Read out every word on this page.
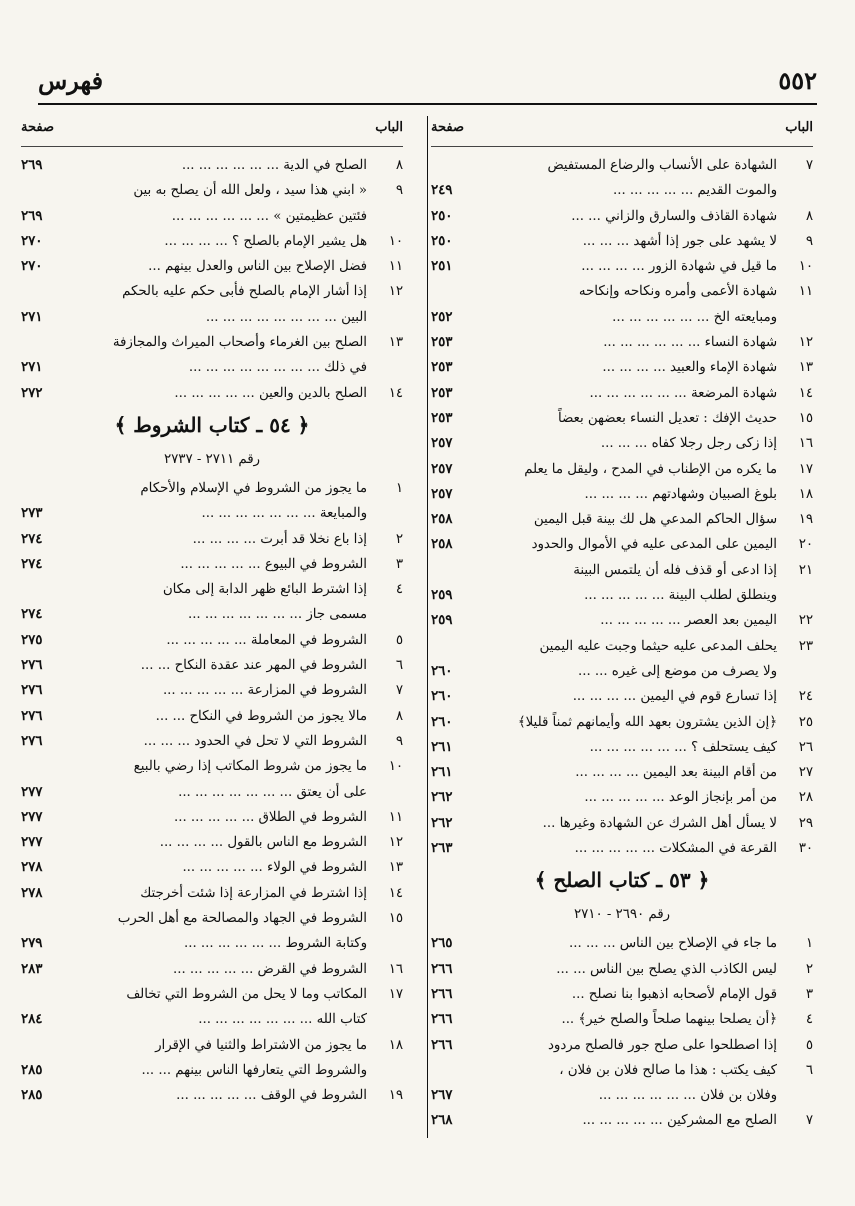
٥٥٢
فهرس
الباب
صفحة
٧
الشهادة على الأنساب والرضاع المستفيض
والموت القديم ... ... ... ... ...
٢٤٩
٨
شهادة القاذف والسارق والزاني ... ...
٢٥٠
٩
لا يشهد على جور إذا أشهد ... ... ...
٢٥٠
١٠
ما قيل في شهادة الزور ... ... ... ...
٢٥١
١١
شهادة الأعمى وأمره ونكاحه وإنكاحه
ومبايعته الخ ... ... ... ... ... ...
٢٥٢
١٢
شهادة النساء ... ... ... ... ... ...
٢٥٣
١٣
شهادة الإماء والعبيد ... ... ... ...
٢٥٣
١٤
شهادة المرضعة ... ... ... ... ... ...
٢٥٣
١٥
حديث الإفك : تعديل النساء بعضهن بعضاً
٢٥٣
١٦
إذا زكى رجل رجلا كفاه ... ... ...
٢٥٧
١٧
ما يكره من الإطناب في المدح ، وليقل ما يعلم
٢٥٧
١٨
بلوغ الصبيان وشهادتهم ... ... ... ...
٢٥٧
١٩
سؤال الحاكم المدعي هل لك بينة قبل اليمين
٢٥٨
٢٠
اليمين على المدعى عليه في الأموال والحدود
٢٥٨
٢١
إذا ادعى أو قذف فله أن يلتمس البينة
وينطلق لطلب البينة ... ... ... ... ...
٢٥٩
٢٢
اليمين بعد العصر ... ... ... ... ...
٢٥٩
٢٣
يحلف المدعى عليه حيثما وجبت عليه اليمين
ولا يصرف من موضع إلى غيره ... ...
٢٦٠
٢٤
إذا تسارع قوم في اليمين ... ... ... ...
٢٦٠
٢٥
﴿إن الذين يشترون بعهد الله وأيمانهم ثمناً قليلا﴾
٢٦٠
٢٦
كيف يستحلف ؟ ... ... ... ... ... ...
٢٦١
٢٧
من أقام البينة بعد اليمين ... ... ... ...
٢٦١
٢٨
من أمر بإنجاز الوعد ... ... ... ... ...
٢٦٢
٢٩
لا يسأل أهل الشرك عن الشهادة وغيرها ...
٢٦٢
٣٠
القرعة في المشكلات ... ... ... ... ...
٢٦٣
﴿ ٥٣ ـ كتاب الصلح ﴾
رقم ٢٦٩٠ - ٢٧١٠
١
ما جاء في الإصلاح بين الناس ... ... ...
٢٦٥
٢
ليس الكاذب الذي يصلح بين الناس ... ...
٢٦٦
٣
قول الإمام لأصحابه اذهبوا بنا نصلح ...
٢٦٦
٤
﴿أن يصلحا بينهما صلحاً والصلح خير﴾ ...
٢٦٦
٥
إذا اصطلحوا على صلح جور فالصلح مردود
٢٦٦
٦
كيف يكتب : هذا ما صالح فلان بن فلان ،
وفلان بن فلان ... ... ... ... ... ...
٢٦٧
٧
الصلح مع المشركين ... ... ... ... ...
٢٦٨
الباب
صفحة
٨
الصلح في الدية ... ... ... ... ... ...
٢٦٩
٩
« ابني هذا سيد ، ولعل الله أن يصلح به بين
فئتين عظيمتين » ... ... ... ... ... ...
٢٦٩
١٠
هل يشير الإمام بالصلح ؟ ... ... ... ...
٢٧٠
١١
فضل الإصلاح بين الناس والعدل بينهم ...
٢٧٠
١٢
إذا أشار الإمام بالصلح فأبى حكم عليه بالحكم
البين ... ... ... ... ... ... ... ...
٢٧١
١٣
الصلح بين الغرماء وأصحاب الميراث والمجازفة
في ذلك ... ... ... ... ... ... ... ...
٢٧١
١٤
الصلح بالدين والعين ... ... ... ... ...
٢٧٢
﴿ ٥٤ ـ كتاب الشروط ﴾
رقم ٢٧١١ - ٢٧٣٧
١
ما يجوز من الشروط في الإسلام والأحكام
والمبايعة ... ... ... ... ... ... ...
٢٧٣
٢
إذا باع نخلا قد أبرت ... ... ... ...
٢٧٤
٣
الشروط في البيوع ... ... ... ... ...
٢٧٤
٤
إذا اشترط البائع ظهر الدابة إلى مكان
مسمى جاز ... ... ... ... ... ... ...
٢٧٤
٥
الشروط في المعاملة ... ... ... ... ...
٢٧٥
٦
الشروط في المهر عند عقدة النكاح ... ...
٢٧٦
٧
الشروط في المزارعة ... ... ... ... ...
٢٧٦
٨
مالا يجوز من الشروط في النكاح ... ...
٢٧٦
٩
الشروط التي لا تحل في الحدود ... ... ...
٢٧٦
١٠
ما يجوز من شروط المكاتب إذا رضي بالبيع
على أن يعتق ... ... ... ... ... ... ...
٢٧٧
١١
الشروط في الطلاق ... ... ... ... ...
٢٧٧
١٢
الشروط مع الناس بالقول ... ... ... ...
٢٧٧
١٣
الشروط في الولاء ... ... ... ... ...
٢٧٨
١٤
إذا اشترط في المزارعة إذا شئت أخرجتك
٢٧٨
١٥
الشروط في الجهاد والمصالحة مع أهل الحرب
وكتابة الشروط ... ... ... ... ... ...
٢٧٩
١٦
الشروط في القرض ... ... ... ... ...
٢٨٣
١٧
المكاتب وما لا يحل من الشروط التي تخالف
كتاب الله ... ... ... ... ... ... ...
٢٨٤
١٨
ما يجوز من الاشتراط والثنيا في الإقرار
والشروط التي يتعارفها الناس بينهم ... ...
٢٨٥
١٩
الشروط في الوقف ... ... ... ... ...
٢٨٥
